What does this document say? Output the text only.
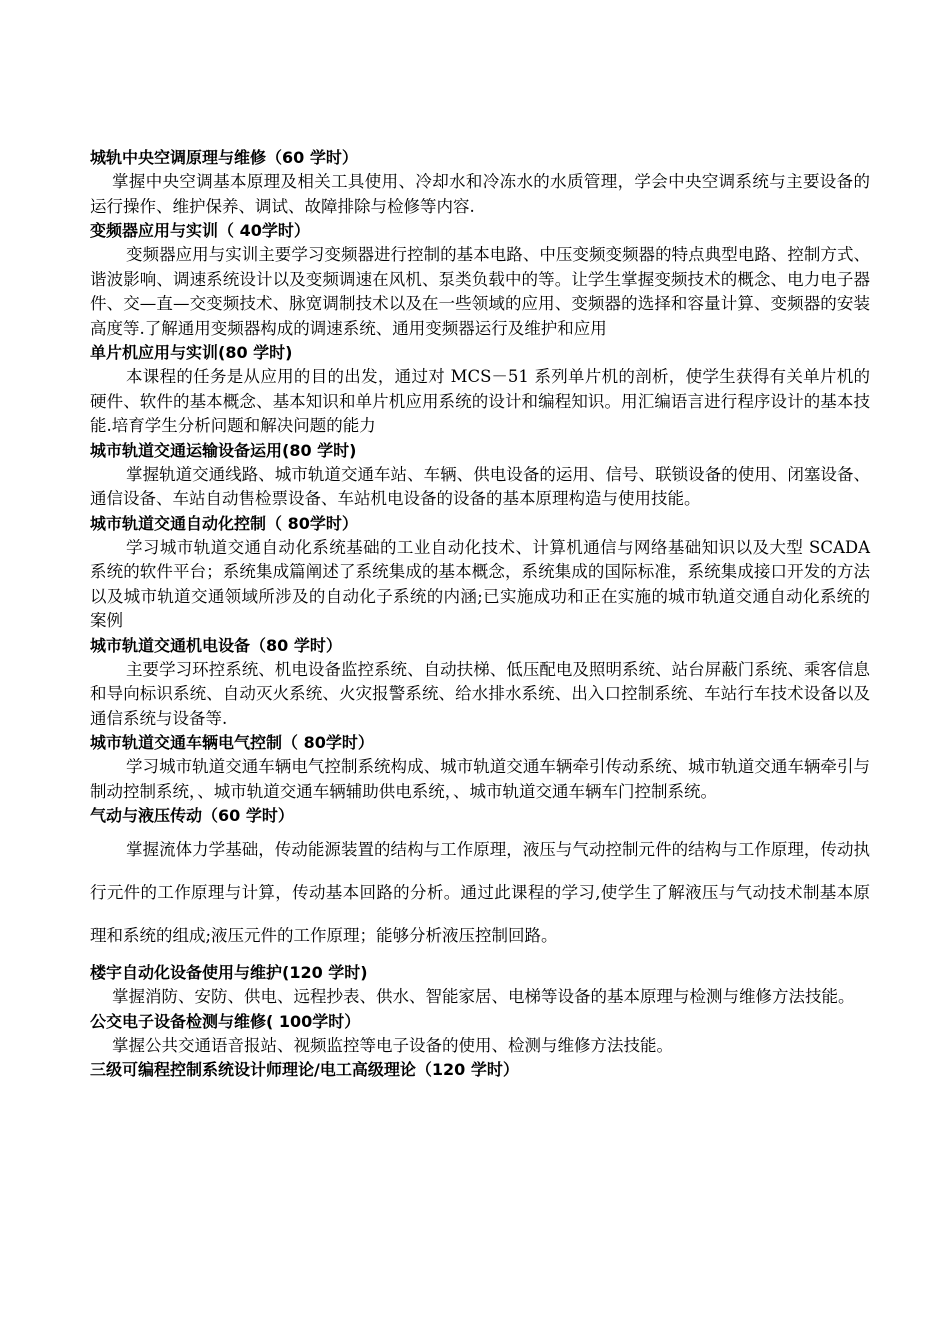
城轨中央空调原理与维修（60 学时）
掌握中央空调基本原理及相关工具使用、冷却水和冷冻水的水质管理，学会中央空调系统与主要设备的运行操作、维护保养、调试、故障排除与检修等内容.
变频器应用与实训（ 40学时）
变频器应用与实训主要学习变频器进行控制的基本电路、中压变频变频器的特点典型电路、控制方式、谐波影响、调速系统设计以及变频调速在风机、泵类负载中的等。让学生掌握变频技术的概念、电力电子器件、交—直—交变频技术、脉宽调制技术以及在一些领域的应用、变频器的选择和容量计算、变频器的安装高度等.了解通用变频器构成的调速系统、通用变频器运行及维护和应用
单片机应用与实训(80 学时)
本课程的任务是从应用的目的出发，通过对 MCS－51 系列单片机的剖析，使学生获得有关单片机的硬件、软件的基本概念、基本知识和单片机应用系统的设计和编程知识。用汇编语言进行程序设计的基本技能.培育学生分析问题和解决问题的能力
城市轨道交通运输设备运用(80 学时)
掌握轨道交通线路、城市轨道交通车站、车辆、供电设备的运用、信号、联锁设备的使用、闭塞设备、通信设备、车站自动售检票设备、车站机电设备的设备的基本原理构造与使用技能。
城市轨道交通自动化控制（ 80学时）
学习城市轨道交通自动化系统基础的工业自动化技术、计算机通信与网络基础知识以及大型 SCADA 系统的软件平台；系统集成篇阐述了系统集成的基本概念，系统集成的国际标准，系统集成接口开发的方法以及城市轨道交通领域所涉及的自动化子系统的内涵;已实施成功和正在实施的城市轨道交通自动化系统的案例
城市轨道交通机电设备（80 学时）
主要学习环控系统、机电设备监控系统、自动扶梯、低压配电及照明系统、站台屏蔽门系统、乘客信息和导向标识系统、自动灭火系统、火灾报警系统、给水排水系统、出入口控制系统、车站行车技术设备以及通信系统与设备等.
城市轨道交通车辆电气控制（ 80学时）
学习城市轨道交通车辆电气控制系统构成、城市轨道交通车辆牵引传动系统、城市轨道交通车辆牵引与制动控制系统，、城市轨道交通车辆辅助供电系统，、城市轨道交通车辆车门控制系统。
气动与液压传动（60 学时）
掌握流体力学基础，传动能源装置的结构与工作原理，液压与气动控制元件的结构与工作原理，传动执行元件的工作原理与计算，传动基本回路的分析。通过此课程的学习,使学生了解液压与气动技术制基本原理和系统的组成;液压元件的工作原理；能够分析液压控制回路。
楼宇自动化设备使用与维护(120 学时)
掌握消防、安防、供电、远程抄表、供水、智能家居、电梯等设备的基本原理与检测与维修方法技能。
公交电子设备检测与维修( 100学时）
掌握公共交通语音报站、视频监控等电子设备的使用、检测与维修方法技能。
三级可编程控制系统设计师理论/电工高级理论（120 学时）
